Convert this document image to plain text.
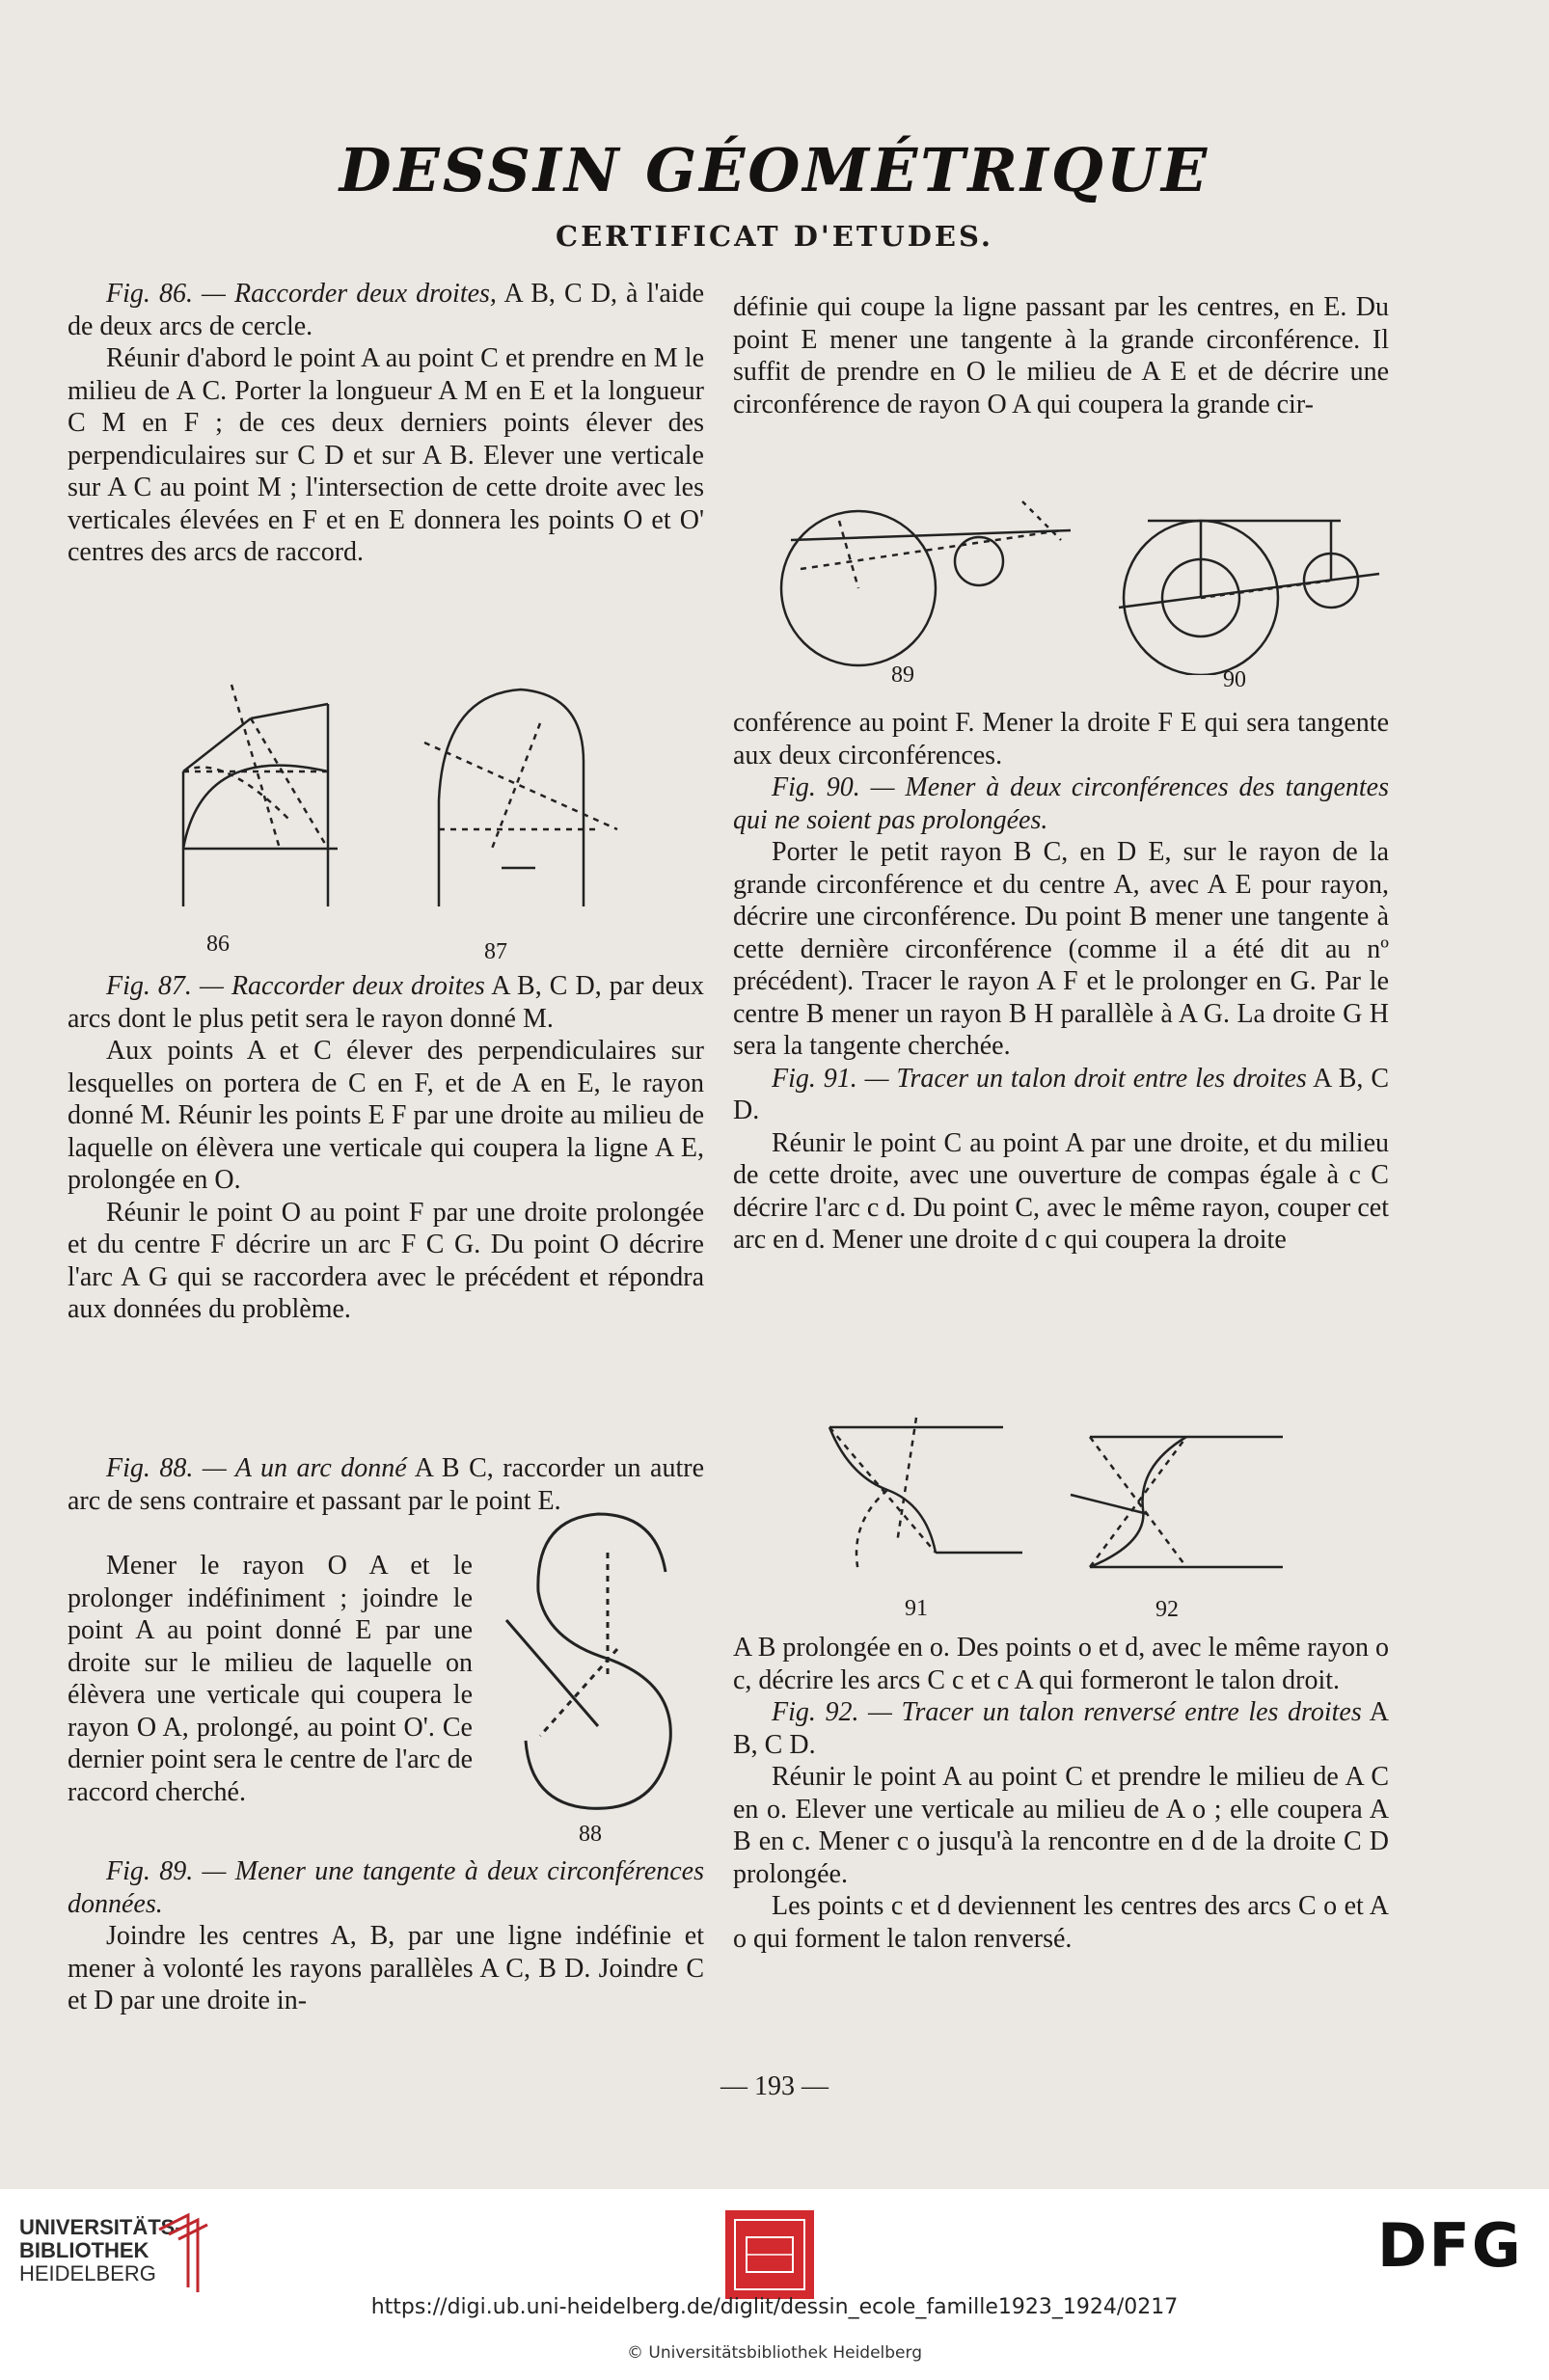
DESSIN GÉOMÉTRIQUE
CERTIFICAT D'ETUDES.

Fig. 86. — Raccorder deux droites, A B, C D, à l'aide de deux arcs de cercle.

Réunir d'abord le point A au point C et prendre en M le milieu de A C. Porter la longueur A M en E et la longueur C M en F ; de ces deux derniers points élever des perpendiculaires sur C D et sur A B. Elever une verticale sur A C au point M ; l'intersection de cette droite avec les verticales élevées en F et en E donnera les points O et O' centres des arcs de raccord.

86	87

Fig. 87. — Raccorder deux droites A B, C D, par deux arcs dont le plus petit sera le rayon donné M.

Aux points A et C élever des perpendiculaires sur lesquelles on portera de C en F, et de A en E, le rayon donné M. Réunir les points E F par une droite au milieu de laquelle on élèvera une verticale qui coupera la ligne A E, prolongée en O.

Réunir le point O au point F par une droite prolongée et du centre F décrire un arc F C G. Du point O décrire l'arc A G qui se raccordera avec le précédent et répondra aux données du problème.

Fig. 88. — A un arc donné A B C, raccorder un autre arc de sens contraire et passant par le point E.

Mener le rayon O A et le prolonger indéfiniment ; joindre le point A au point donné E par une droite sur le milieu de laquelle on élèvera une verticale qui coupera le rayon O A, prolongé, au point O'. Ce dernier point sera le centre de l'arc de raccord cherché.

88

Fig. 89. — Mener une tangente à deux circonférences données.

Joindre les centres A, B, par une ligne indéfinie et mener à volonté les rayons parallèles A C, B D. Joindre C et D par une droite in-

définie qui coupe la ligne passant par les centres, en E. Du point E mener une tangente à la grande circonférence. Il suffit de prendre en O le milieu de A E et de décrire une circonférence de rayon O A qui coupera la grande cir-

89	90

conférence au point F. Mener la droite F E qui sera tangente aux deux circonférences.

Fig. 90. — Mener à deux circonférences des tangentes qui ne soient pas prolongées.

Porter le petit rayon B C, en D E, sur le rayon de la grande circonférence et du centre A, avec A E pour rayon, décrire une circonférence. Du point B mener une tangente à cette dernière circonférence (comme il a été dit au nº précédent). Tracer le rayon A F et le prolonger en G. Par le centre B mener un rayon B H parallèle à A G. La droite G H sera la tangente cherchée.

Fig. 91. — Tracer un talon droit entre les droites A B, C D.

Réunir le point C au point A par une droite, et du milieu de cette droite, avec une ouverture de compas égale à c C décrire l'arc c d. Du point C, avec le même rayon, couper cet arc en d. Mener une droite d c qui coupera la droite

91	92

A B prolongée en o. Des points o et d, avec le même rayon o c, décrire les arcs C c et c A qui formeront le talon droit.

Fig. 92. — Tracer un talon renversé entre les droites A B, C D.

Réunir le point A au point C et prendre le milieu de A C en o. Elever une verticale au milieu de A o ; elle coupera A B en c. Mener c o jusqu'à la rencontre en d de la droite C D prolongée.

Les points c et d deviennent les centres des arcs C o et A o qui forment le talon renversé.

— 193 —
UNIVERSITÄTS-
BIBLIOTHEK
HEIDELBERG	DFG
https://digi.ub.uni-heidelberg.de/diglit/dessin_ecole_famille1923_1924/0217
© Universitätsbibliothek Heidelberg
